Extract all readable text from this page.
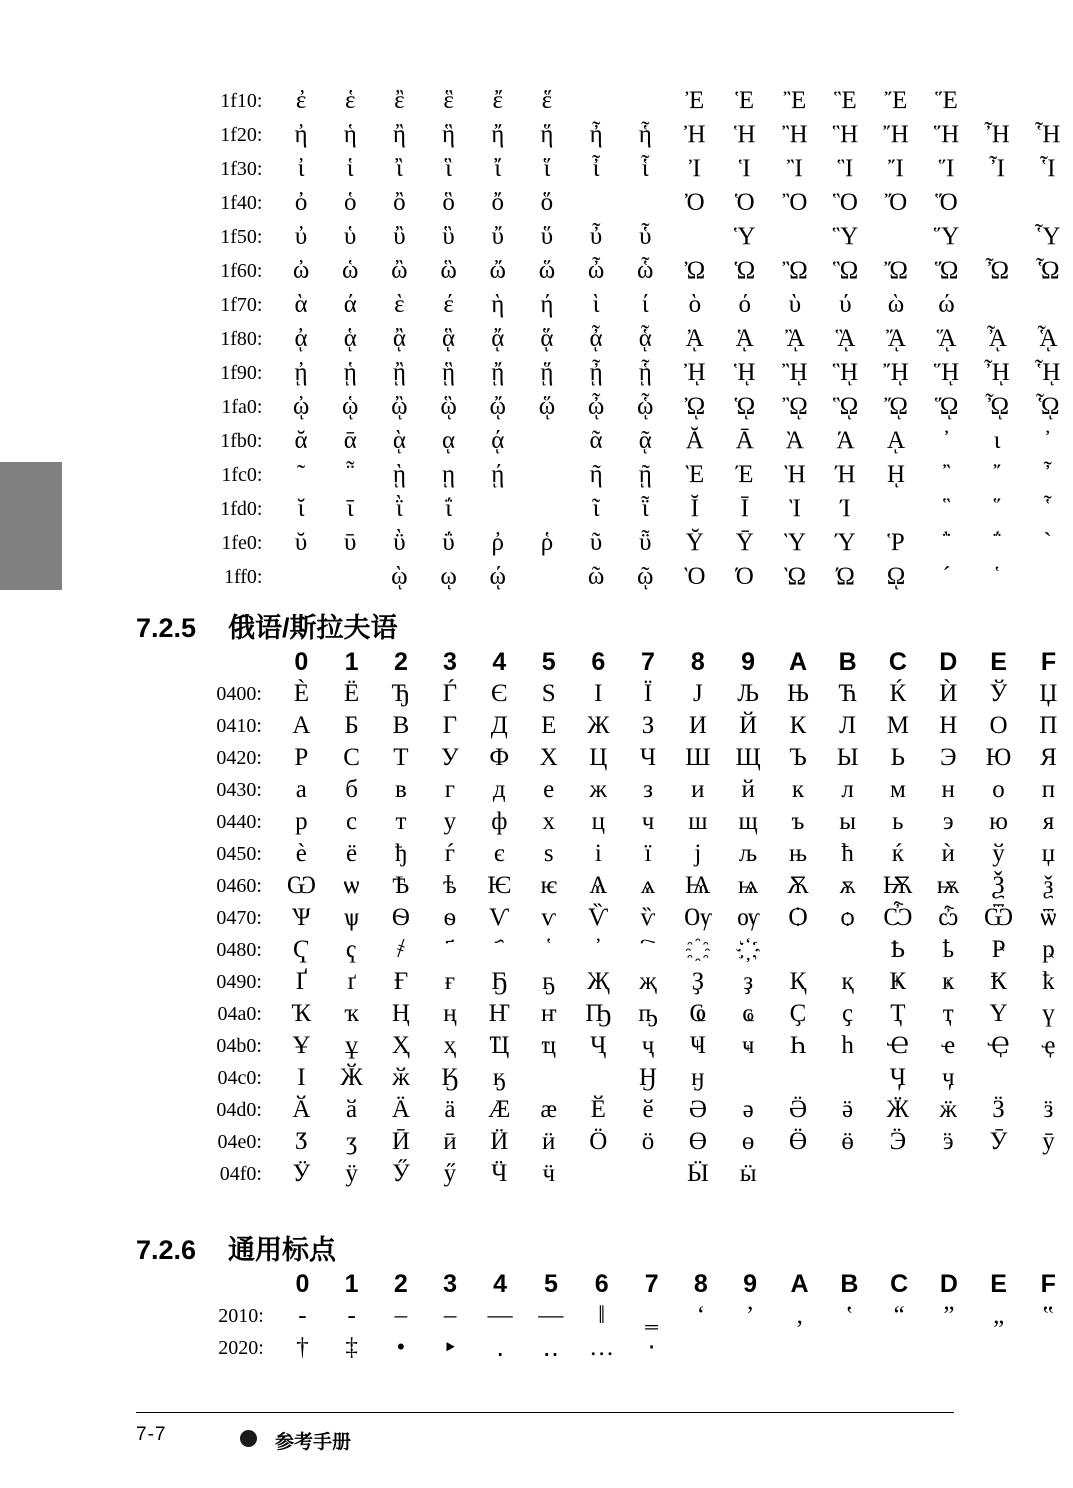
1f10:	ἐ	ἑ	ἒ	ἓ	ἔ	ἕ			Ἐ	Ἑ	Ἒ	Ἓ	Ἔ	Ἕ		
1f20:	ἠ	ἡ	ἢ	ἣ	ἤ	ἥ	ἦ	ἧ	Ἠ	Ἡ	Ἢ	Ἣ	Ἤ	Ἥ	Ἦ	Ἧ
1f30:	ἰ	ἱ	ἲ	ἳ	ἴ	ἵ	ἶ	ἷ	Ἰ	Ἱ	Ἲ	Ἳ	Ἴ	Ἵ	Ἶ	Ἷ
1f40:	ὀ	ὁ	ὂ	ὃ	ὄ	ὅ			Ὀ	Ὁ	Ὂ	Ὃ	Ὄ	Ὅ		
1f50:	ὐ	ὑ	ὒ	ὓ	ὔ	ὕ	ὖ	ὗ		Ὑ		Ὓ		Ὕ		Ὗ
1f60:	ὠ	ὡ	ὢ	ὣ	ὤ	ὥ	ὦ	ὧ	Ὠ	Ὡ	Ὢ	Ὣ	Ὤ	Ὥ	Ὦ	Ὧ
1f70:	ὰ	ά	ὲ	έ	ὴ	ή	ὶ	ί	ὸ	ό	ὺ	ύ	ὼ	ώ		
1f80:	ᾀ	ᾁ	ᾂ	ᾃ	ᾄ	ᾅ	ᾆ	ᾇ	ᾈ	ᾉ	ᾊ	ᾋ	ᾌ	ᾍ	ᾎ	ᾏ
1f90:	ᾐ	ᾑ	ᾒ	ᾓ	ᾔ	ᾕ	ᾖ	ᾗ	ᾘ	ᾙ	ᾚ	ᾛ	ᾜ	ᾝ	ᾞ	ᾟ
1fa0:	ᾠ	ᾡ	ᾢ	ᾣ	ᾤ	ᾥ	ᾦ	ᾧ	ᾨ	ᾩ	ᾪ	ᾫ	ᾬ	ᾭ	ᾮ	ᾯ
1fb0:	ᾰ	ᾱ	ᾲ	ᾳ	ᾴ		ᾶ	ᾷ	Ᾰ	Ᾱ	Ὰ	Ά	ᾼ	᾽	ι	᾿
1fc0:	῀	῁	ῂ	ῃ	ῄ		ῆ	ῇ	Ὲ	Έ	Ὴ	Ή	ῌ	῍	῎	῏
1fd0:	ῐ	ῑ	ῒ	ΐ			ῖ	ῗ	Ῐ	Ῑ	Ὶ	Ί		῝	῞	῟
1fe0:	ῠ	ῡ	ῢ	ΰ	ῤ	ῥ	ῦ	ῧ	Ῠ	Ῡ	Ὺ	Ύ	Ῥ	῭	΅	`
1ff0:			ῲ	ῳ	ῴ		ῶ	ῷ	Ὸ	Ό	Ὼ	Ώ	ῼ	´	῾	
7.2.5 俄语/斯拉夫语
	0	1	2	3	4	5	6	7	8	9	A	B	C	D	E	F
0400:	Ѐ	Ё	Ђ	Ѓ	Є	Ѕ	І	Ї	Ј	Љ	Њ	Ћ	Ќ	Ѝ	Ў	Џ
0410:	А	Б	В	Г	Д	Е	Ж	З	И	Й	К	Л	М	Н	О	П
0420:	Р	С	Т	У	Ф	Х	Ц	Ч	Ш	Щ	Ъ	Ы	Ь	Э	Ю	Я
0430:	а	б	в	г	д	е	ж	з	и	й	к	л	м	н	о	п
0440:	р	с	т	у	ф	х	ц	ч	ш	щ	ъ	ы	ь	э	ю	я
0450:	ѐ	ё	ђ	ѓ	є	ѕ	і	ї	ј	љ	њ	ћ	ќ	ѝ	ў	џ
0460:	Ѡ	ѡ	Ѣ	ѣ	Ѥ	ѥ	Ѧ	ѧ	Ѩ	ѩ	Ѫ	ѫ	Ѭ	ѭ	Ѯ	ѯ
0470:	Ѱ	ѱ	Ѳ	ѳ	Ѵ	ѵ	Ѷ	ѷ	Ѹ	ѹ	Ѻ	ѻ	Ѽ	ѽ	Ѿ	ѿ
0480:	Ҁ	ҁ	҂										Ҍ	ҍ	Ҏ	ҏ
0490:	Ґ	ґ	Ғ	ғ	Ҕ	ҕ	Җ	җ	Ҙ	ҙ	Қ	қ	Ҝ	ҝ	Ҟ	ҟ
04a0:	Ҡ	ҡ	Ң	ң	Ҥ	ҥ	Ҧ	ҧ	Ҩ	ҩ	Ҫ	ҫ	Ҭ	ҭ	Ү	ү
04b0:	Ұ	ұ	Ҳ	ҳ	Ҵ	ҵ	Ҷ	ҷ	Ҹ	ҹ	Һ	һ	Ҽ	ҽ	Ҿ	ҿ
04c0:	Ӏ	Ӂ	ӂ	Ӄ	ӄ			Ӈ	ӈ				Ӌ	ӌ		
04d0:	Ӑ	ӑ	Ӓ	ӓ	Ӕ	ӕ	Ӗ	ӗ	Ә	ә	Ӛ	ӛ	Ӝ	ӝ	Ӟ	ӟ
04e0:	Ӡ	ӡ	Ӣ	ӣ	Ӥ	ӥ	Ӧ	ӧ	Ө	ө	Ӫ	ӫ	Ӭ	ӭ	Ӯ	ӯ
04f0:	Ӱ	ӱ	Ӳ	ӳ	Ӵ	ӵ			Ӹ	ӹ						
7.2.6 通用标点
	0	1	2	3	4	5	6	7	8	9	A	B	C	D	E	F
2010:	‐	‑	‒	–	—	―	‖	‗	‘	’	‚	‛	“	”	„	‟
2020:	†	‡	•	‣	․	‥	…	‧								
7-7	参考手册
